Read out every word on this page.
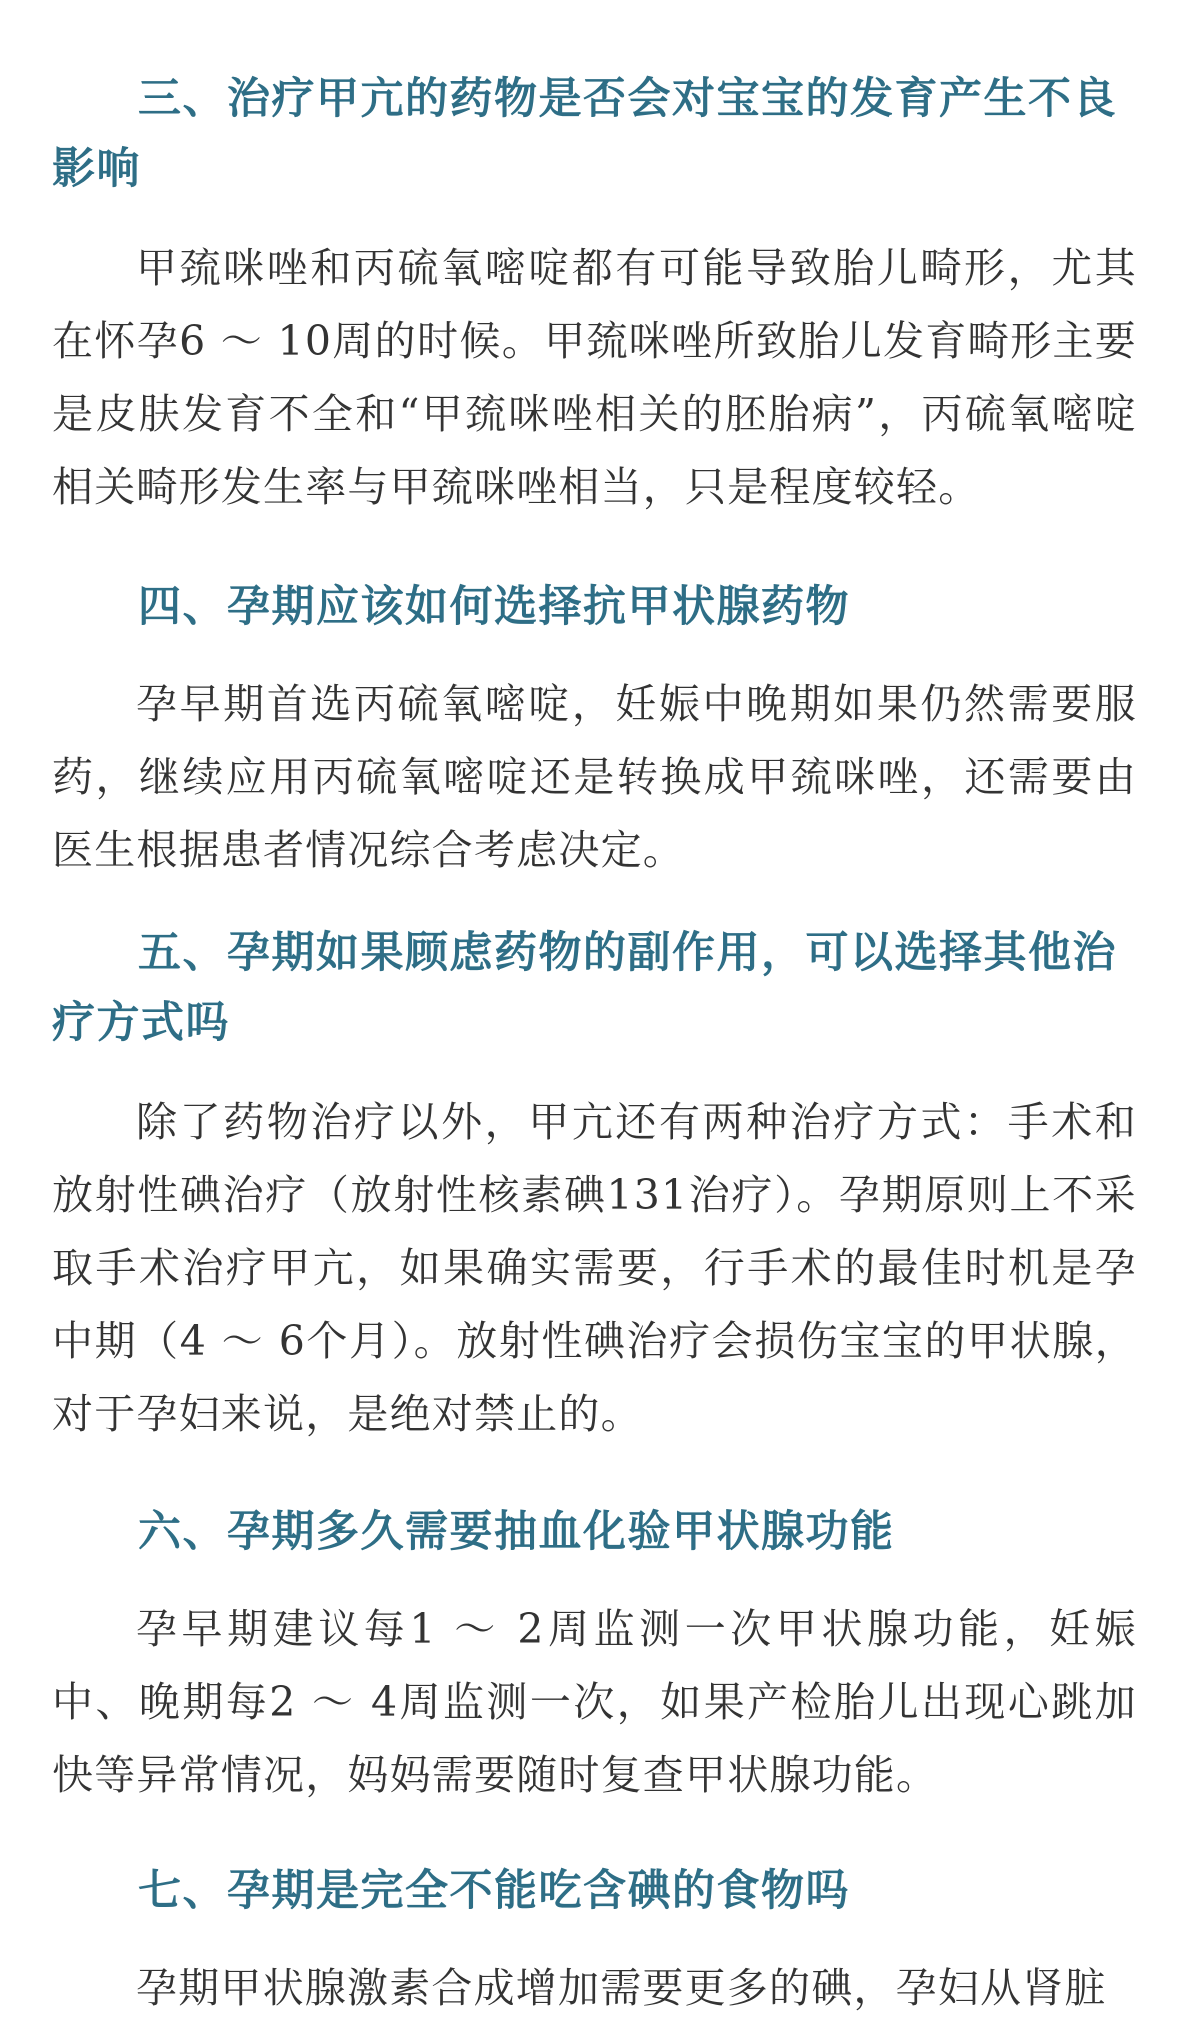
三、治疗甲亢的药物是否会对宝宝的发育产生不良影响

甲巯咪唑和丙硫氧嘧啶都有可能导致胎儿畸形，尤其在怀孕6 ～ 10周的时候。甲巯咪唑所致胎儿发育畸形主要是皮肤发育不全和“甲巯咪唑相关的胚胎病”，丙硫氧嘧啶相关畸形发生率与甲巯咪唑相当，只是程度较轻。

四、孕期应该如何选择抗甲状腺药物

孕早期首选丙硫氧嘧啶，妊娠中晚期如果仍然需要服药，继续应用丙硫氧嘧啶还是转换成甲巯咪唑，还需要由医生根据患者情况综合考虑决定。

五、孕期如果顾虑药物的副作用，可以选择其他治疗方式吗

除了药物治疗以外，甲亢还有两种治疗方式：手术和放射性碘治疗（放射性核素碘131治疗）。孕期原则上不采取手术治疗甲亢，如果确实需要，行手术的最佳时机是孕中期（4 ～ 6个月）。放射性碘治疗会损伤宝宝的甲状腺，对于孕妇来说，是绝对禁止的。

六、孕期多久需要抽血化验甲状腺功能

孕早期建议每1 ～ 2周监测一次甲状腺功能，妊娠中、晚期每2 ～ 4周监测一次，如果产检胎儿出现心跳加快等异常情况，妈妈需要随时复查甲状腺功能。

七、孕期是完全不能吃含碘的食物吗

孕期甲状腺激素合成增加需要更多的碘，孕妇从肾脏
